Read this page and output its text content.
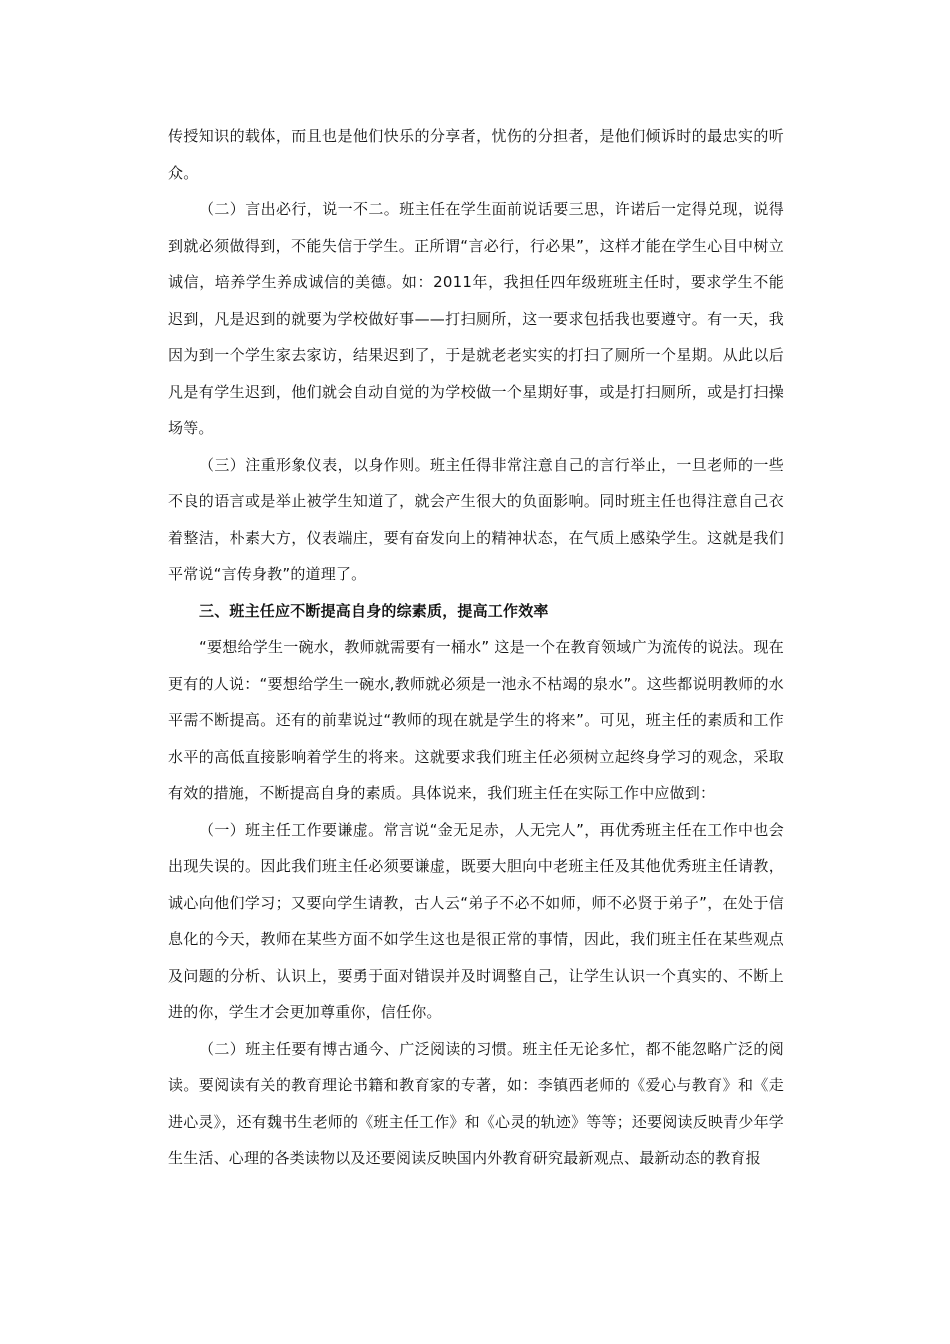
传授知识的载体，而且也是他们快乐的分享者，忧伤的分担者，是他们倾诉时的最忠实的听众。

（二）言出必行，说一不二。班主任在学生面前说话要三思，许诺后一定得兑现，说得到就必须做得到，不能失信于学生。正所谓“言必行，行必果”，这样才能在学生心目中树立诚信，培养学生养成诚信的美德。如：2011年，我担任四年级班班主任时，要求学生不能迟到，凡是迟到的就要为学校做好事——打扫厕所，这一要求包括我也要遵守。有一天，我因为到一个学生家去家访，结果迟到了，于是就老老实实的打扫了厕所一个星期。从此以后凡是有学生迟到，他们就会自动自觉的为学校做一个星期好事，或是打扫厕所，或是打扫操场等。

（三）注重形象仪表，以身作则。班主任得非常注意自己的言行举止，一旦老师的一些不良的语言或是举止被学生知道了，就会产生很大的负面影响。同时班主任也得注意自己衣着整洁，朴素大方，仪表端庄，要有奋发向上的精神状态，在气质上感染学生。这就是我们平常说“言传身教”的道理了。

三、班主任应不断提高自身的综素质，提高工作效率

“要想给学生一碗水，教师就需要有一桶水” 这是一个在教育领域广为流传的说法。现在更有的人说：“要想给学生一碗水,教师就必须是一池永不枯竭的泉水”。这些都说明教师的水平需不断提高。还有的前辈说过“教师的现在就是学生的将来”。可见，班主任的素质和工作水平的高低直接影响着学生的将来。这就要求我们班主任必须树立起终身学习的观念，采取有效的措施，不断提高自身的素质。具体说来，我们班主任在实际工作中应做到：

（一）班主任工作要谦虚。常言说“金无足赤，人无完人”，再优秀班主任在工作中也会出现失误的。因此我们班主任必须要谦虚，既要大胆向中老班主任及其他优秀班主任请教，诚心向他们学习；又要向学生请教，古人云“弟子不必不如师，师不必贤于弟子”，在处于信息化的今天，教师在某些方面不如学生这也是很正常的事情，因此，我们班主任在某些观点及问题的分析、认识上，要勇于面对错误并及时调整自己，让学生认识一个真实的、不断上进的你，学生才会更加尊重你，信任你。

（二）班主任要有博古通今、广泛阅读的习惯。班主任无论多忙，都不能忽略广泛的阅读。要阅读有关的教育理论书籍和教育家的专著，如：李镇西老师的《爱心与教育》和《走进心灵》，还有魏书生老师的《班主任工作》和《心灵的轨迹》等等；还要阅读反映青少年学生生活、心理的各类读物以及还要阅读反映国内外教育研究最新观点、最新动态的教育报
